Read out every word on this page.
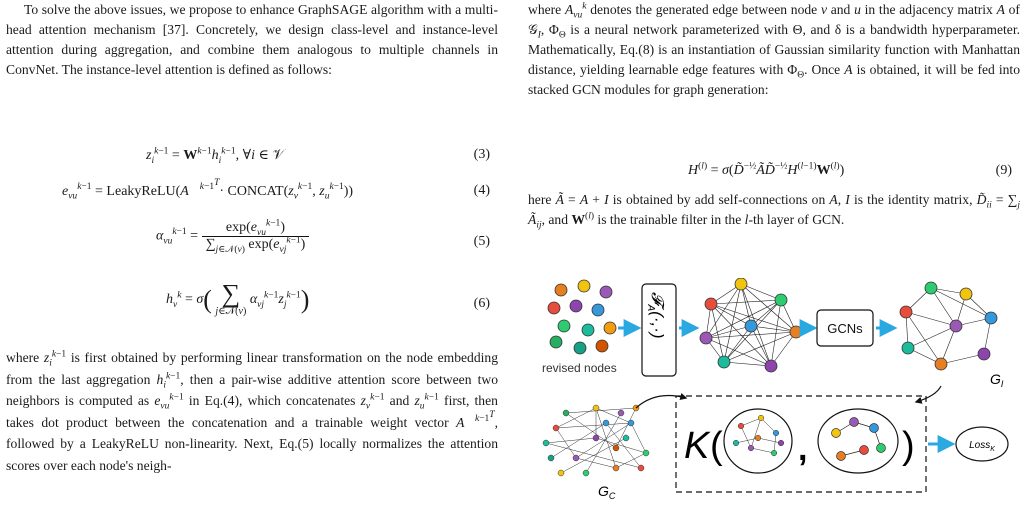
To solve the above issues, we propose to enhance GraphSAGE algorithm with a multi-head attention mechanism [37]. Concretely, we design class-level and instance-level attention during aggregation, and combine them analogous to multiple channels in ConvNet. The instance-level attention is defined as follows:

$z_i^{k-1} = W^{k-1}h_i^{k-1}$, ∀i ∈ 𝒱	(3)
$e_{vu}^{k-1}$ = LeakyReLU(A⃗$^{k-1^T}$· $CONCAT(z_v^{k-1}$, $z_u^{k-1}$))	(4)
$\alpha_{vu}^{k-1} = \frac{\exp(e_{vu}^{k-1})}{\sum_{j\in 𝒩(v)} \exp(e_{vj}^{k-1})}$	(5)
$h_v^k = \sigma$( ∑
j∈𝒩(v)
$\alpha_{vj}^{k-1}z_j^{k-1}$)	(6)

where $z_i^{k-1}$ is first obtained by performing linear transformation on the node embedding from the last aggregation $h_i^{k-1}$, then a pair-wise additive attention score between two neighbors is computed as $e_{vu}^{k-1}$ in Eq.(4), which concatenates $z_v^{k-1}$ and $z_u^{k-1}$ first, then takes dot product between the concatenation and a trainable weight vector A⃗$^{k-1^T}$, followed by a LeakyReLU non-linearity. Next, Eq.(5) locally normalizes the attention scores over each node's neigh-

where $A_{vu}^k$ denotes the generated edge between node v and u in the adjacency matrix A of 𝒢$_I$, $\Phi_\Theta$ is a neural network parameterized with Θ, and δ is a bandwidth hyperparameter. Mathematically, Eq.(8) is an instantiation of Gaussian similarity function with Manhattan distance, yielding learnable edge features with $\Phi_\Theta$. Once A is obtained, it will be fed into stacked GCN modules for graph generation:

$H^{(l)}$ = $\sigma(D̃^{-\frac{1}{2}}ÃD̃^{-\frac{1}{2}}H^{(l-1)}W^{(l)})$	(9)

here Ã = A + I is obtained by add self-connections on A, I is the identity matrix, $D̃_{ii} = \sum_j$ $Ã_{ij}$, and $W^{(l)}$ is the trainable filter in the l-th layer of GCN.

revised nodes
𝓕$_A$(·,·)	GCNs
$G_I$
$G_C$
K ( , )	Loss$_K$
